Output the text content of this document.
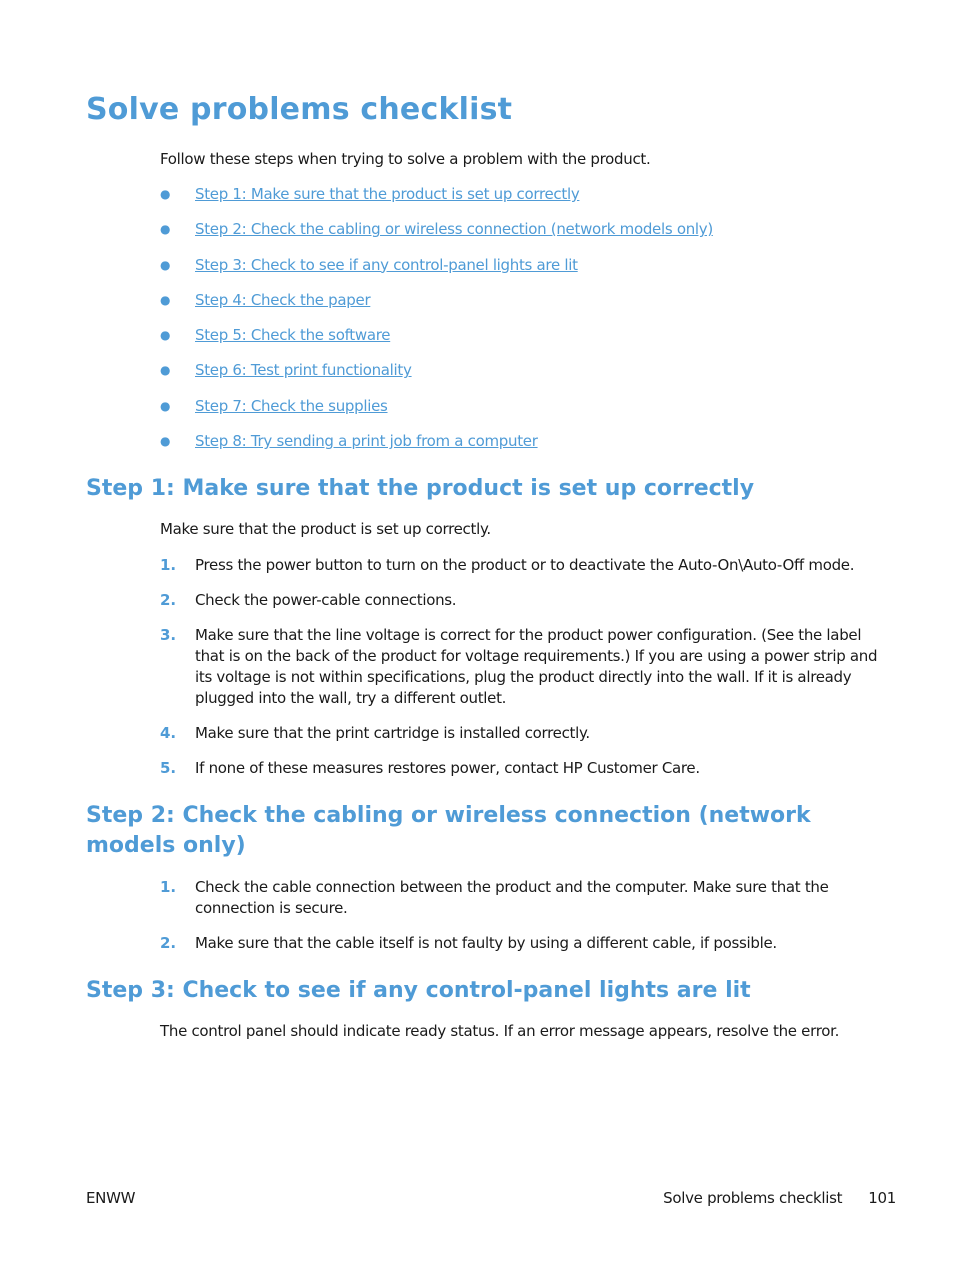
Solve problems checklist

Follow these steps when trying to solve a problem with the product.

● Step 1: Make sure that the product is set up correctly
● Step 2: Check the cabling or wireless connection (network models only)
● Step 3: Check to see if any control-panel lights are lit
● Step 4: Check the paper
● Step 5: Check the software
● Step 6: Test print functionality
● Step 7: Check the supplies
● Step 8: Try sending a print job from a computer
Step 1: Make sure that the product is set up correctly

Make sure that the product is set up correctly.

1. Press the power button to turn on the product or to deactivate the Auto-On\Auto-Off mode.
2. Check the power-cable connections.
3. Make sure that the line voltage is correct for the product power configuration. (See the label that is on the back of the product for voltage requirements.) If you are using a power strip and its voltage is not within specifications, plug the product directly into the wall. If it is already plugged into the wall, try a different outlet.
4. Make sure that the print cartridge is installed correctly.
5. If none of these measures restores power, contact HP Customer Care.
Step 2: Check the cabling or wireless connection (network models only)
1. Check the cable connection between the product and the computer. Make sure that the connection is secure.
2. Make sure that the cable itself is not faulty by using a different cable, if possible.
Step 3: Check to see if any control-panel lights are lit

The control panel should indicate ready status. If an error message appears, resolve the error.

ENWW	Solve problems checklist 101
